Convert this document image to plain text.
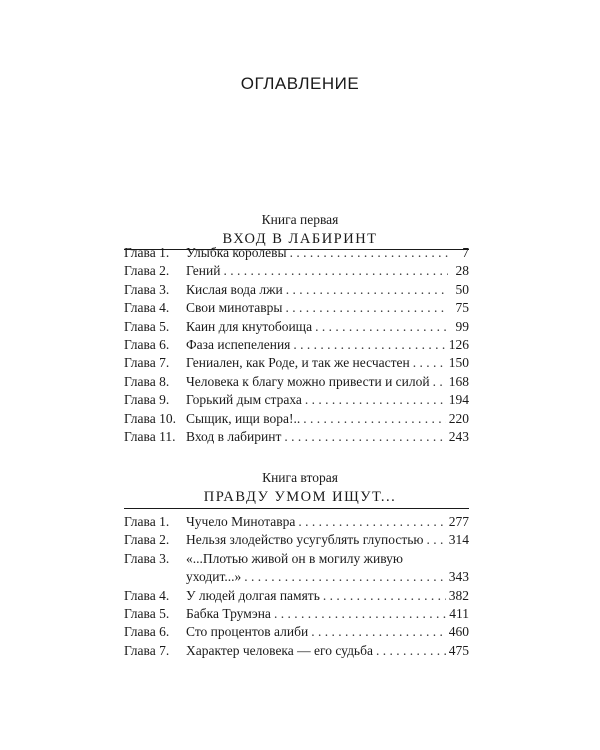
ОГЛАВЛЕНИЕ
Книга первая
ВХОД В ЛАБИРИНТ
Глава 1.	Улыбка королевы . . .	7
Глава 2.	Гений . . .	28
Глава 3.	Кислая вода лжи . . .	50
Глава 4.	Свои минотавры . . .	75
Глава 5.	Каин для кнутобоища . . .	99
Глава 6.	Фаза испепеления . . .	126
Глава 7.	Гениален, как Роде, и так же несчастен . . .	150
Глава 8.	Человека к благу можно привести и силой . . . 168
Глава 9.	Горький дым страха . . .	194
Глава 10. Сыщик, ищи вора!.. . . .	220
Глава 11. Вход в лабиринт . . .	243
Книга вторая
ПРАВДУ УМОМ ИЩУТ...
Глава 1.	Чучело Минотавра . . .	277
Глава 2.	Нельзя злодейство усугублять глупостью . . . 314
Глава 3.	«...Плотью живой он в могилу живую
уходит...» . . .	343
Глава 4.	У людей долгая память . . .	382
Глава 5.	Бабка Трумэна . . .	411
Глава 6.	Сто процентов алиби . . .	460
Глава 7.	Характер человека — его судьба . . .	475
